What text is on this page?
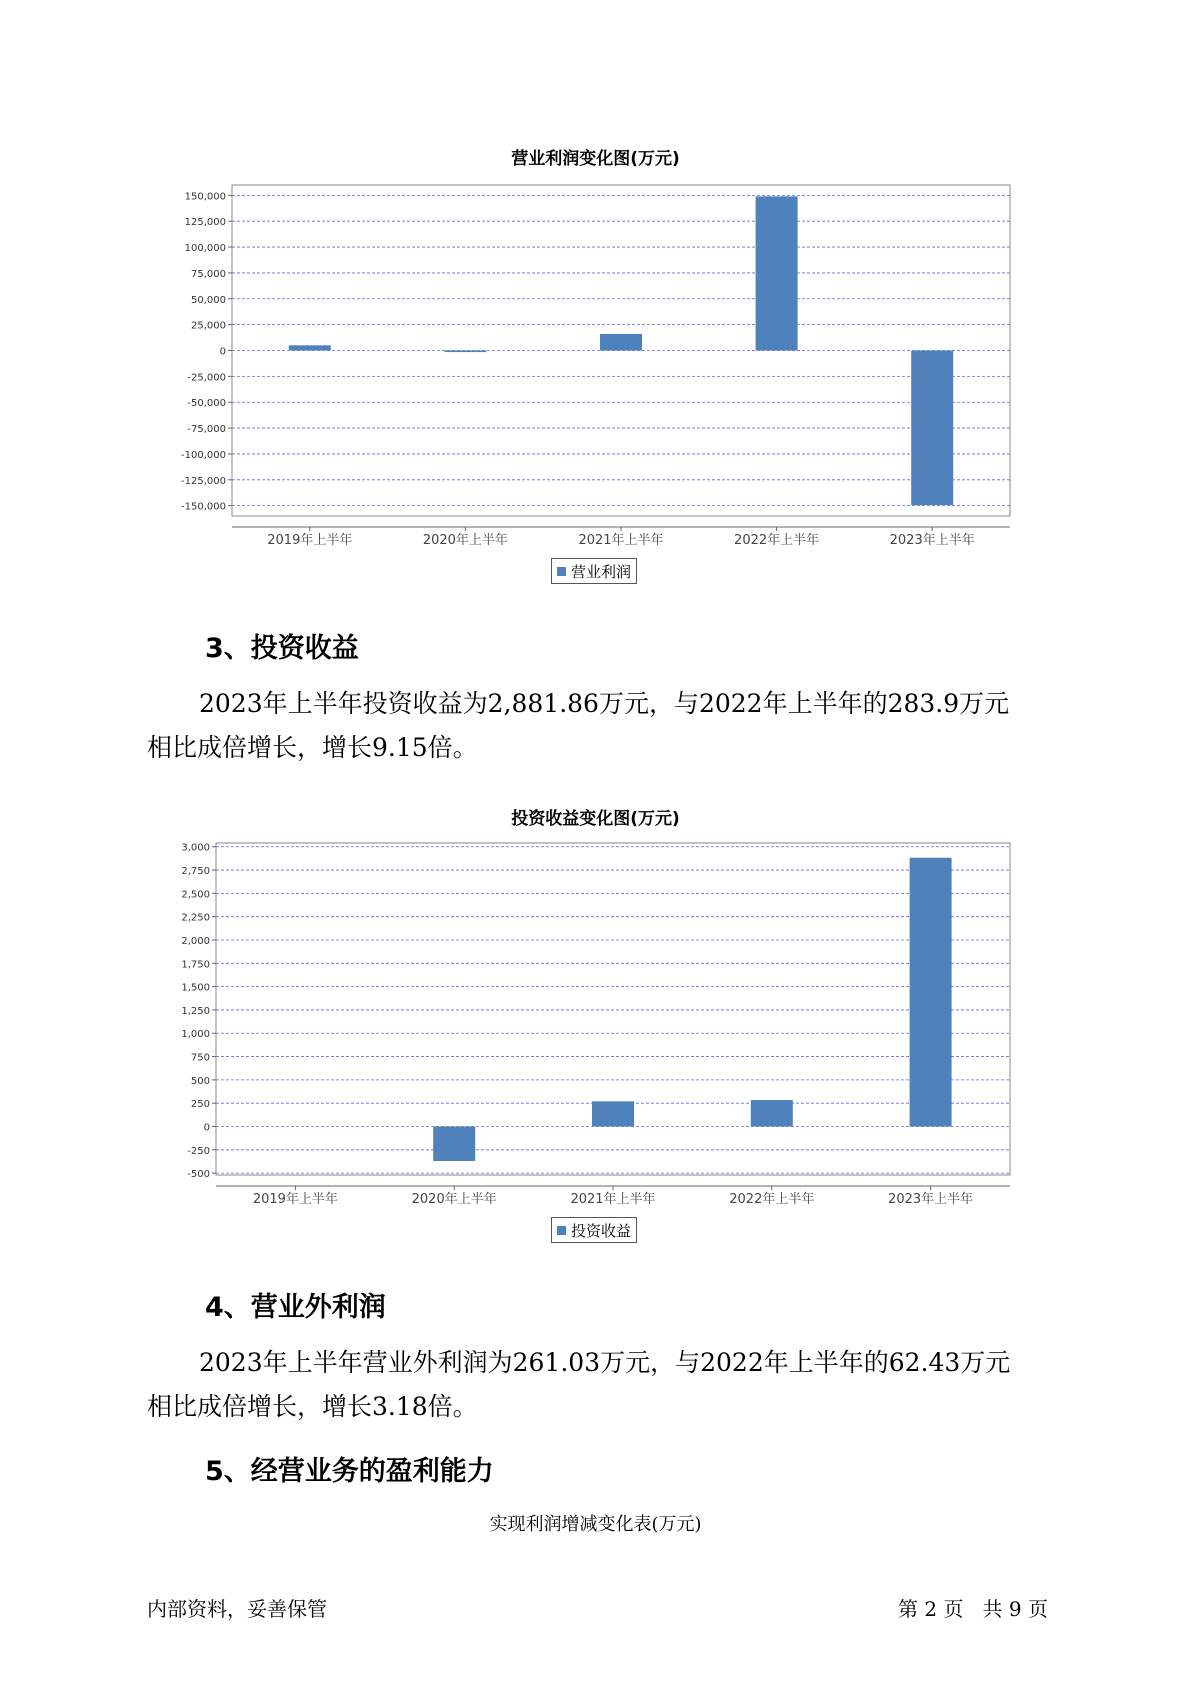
营业利润变化图(万元)
150,000
125,000
100,000
75,000
50,000
25,000
0
-25,000
-50,000
-75,000
-100,000
-125,000
-150,000
2019年上半年	2020年上半年	2021年上半年	2022年上半年	2023年上半年
营业利润
3、投资收益
2023年上半年投资收益为2,881.86万元，与2022年上半年的283.9万元
相比成倍增长，增长9.15倍。
投资收益变化图(万元)
3,000
2,750
2,500
2,250
2,000
1,750
1,500
1,250
1,000
750
500
250
0
-250
-500
2019年上半年	2020年上半年	2021年上半年	2022年上半年	2023年上半年
投资收益
4、营业外利润
2023年上半年营业外利润为261.03万元，与2022年上半年的62.43万元
相比成倍增长，增长3.18倍。
5、经营业务的盈利能力
实现利润增减变化表(万元)
内部资料，妥善保管	第 2 页   共 9 页
